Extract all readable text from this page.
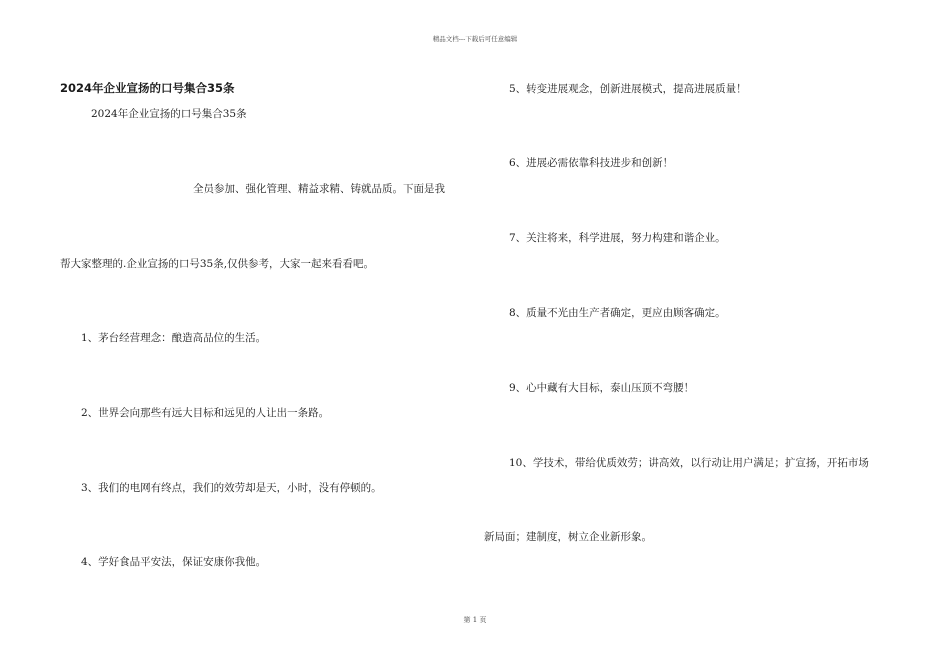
精品文档---下载后可任意编辑
2024年企业宣扬的口号集合35条
2024年企业宣扬的口号集合35条
全员参加、强化管理、精益求精、铸就品质。下面是我
帮大家整理的.企业宣扬的口号35条,仅供参考，大家一起来看看吧。
1、茅台经营理念：酿造高品位的生活。
2、世界会向那些有远大目标和远见的人让出一条路。
3、我们的电网有终点，我们的效劳却是天，小时，没有停顿的。
4、学好食品平安法，保证安康你我他。
5、转变进展观念，创新进展模式，提高进展质量！
6、进展必需依靠科技进步和创新！
7、关注将来，科学进展，努力构建和谐企业。
8、质量不光由生产者确定，更应由顾客确定。
9、心中藏有大目标，泰山压顶不弯腰！
10、学技术，带给优质效劳；讲高效，以行动让用户满足；扩宣扬，开拓市场
新局面；建制度，树立企业新形象。
第 1 页
